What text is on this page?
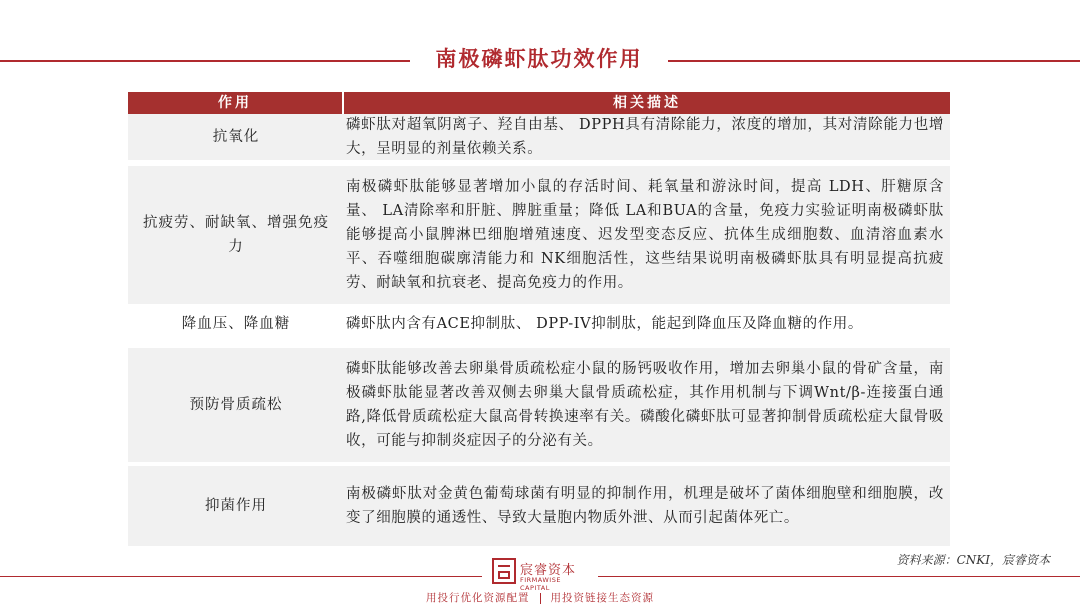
南极磷虾肽功效作用
作用	相关描述
抗氧化
磷虾肽对超氧阴离子、羟自由基、 DPPH具有清除能力，浓度的增加，其对清除能力也增大，呈明显的剂量依赖关系。
抗疲劳、耐缺氧、增强免疫力
南极磷虾肽能够显著增加小鼠的存活时间、耗氧量和游泳时间，提高 LDH、肝糖原含量、 LA清除率和肝脏、脾脏重量；降低 LA和BUA的含量，免疫力实验证明南极磷虾肽能够提高小鼠脾淋巴细胞增殖速度、迟发型变态反应、抗体生成细胞数、血清溶血素水平、吞噬细胞碳廓清能力和 NK细胞活性，这些结果说明南极磷虾肽具有明显提高抗疲劳、耐缺氧和抗衰老、提高免疫力的作用。
降血压、降血糖	磷虾肽内含有ACE抑制肽、 DPP-IV抑制肽，能起到降血压及降血糖的作用。
预防骨质疏松
磷虾肽能够改善去卵巢骨质疏松症小鼠的肠钙吸收作用，增加去卵巢小鼠的骨矿含量，南极磷虾肽能显著改善双侧去卵巢大鼠骨质疏松症，其作用机制与下调Wnt/β-连接蛋白通路,降低骨质疏松症大鼠高骨转换速率有关。磷酸化磷虾肽可显著抑制骨质疏松症大鼠骨吸收，可能与抑制炎症因子的分泌有关。
抑菌作用
南极磷虾肽对金黄色葡萄球菌有明显的抑制作用，机理是破坏了菌体细胞壁和细胞膜，改变了细胞膜的通透性、导致大量胞内物质外泄、从而引起菌体死亡。
资料来源：CNKI，宸睿资本
宸睿资本
FIRMAWISE CAPITAL
用投行优化资源配置 用投资链接生态资源
